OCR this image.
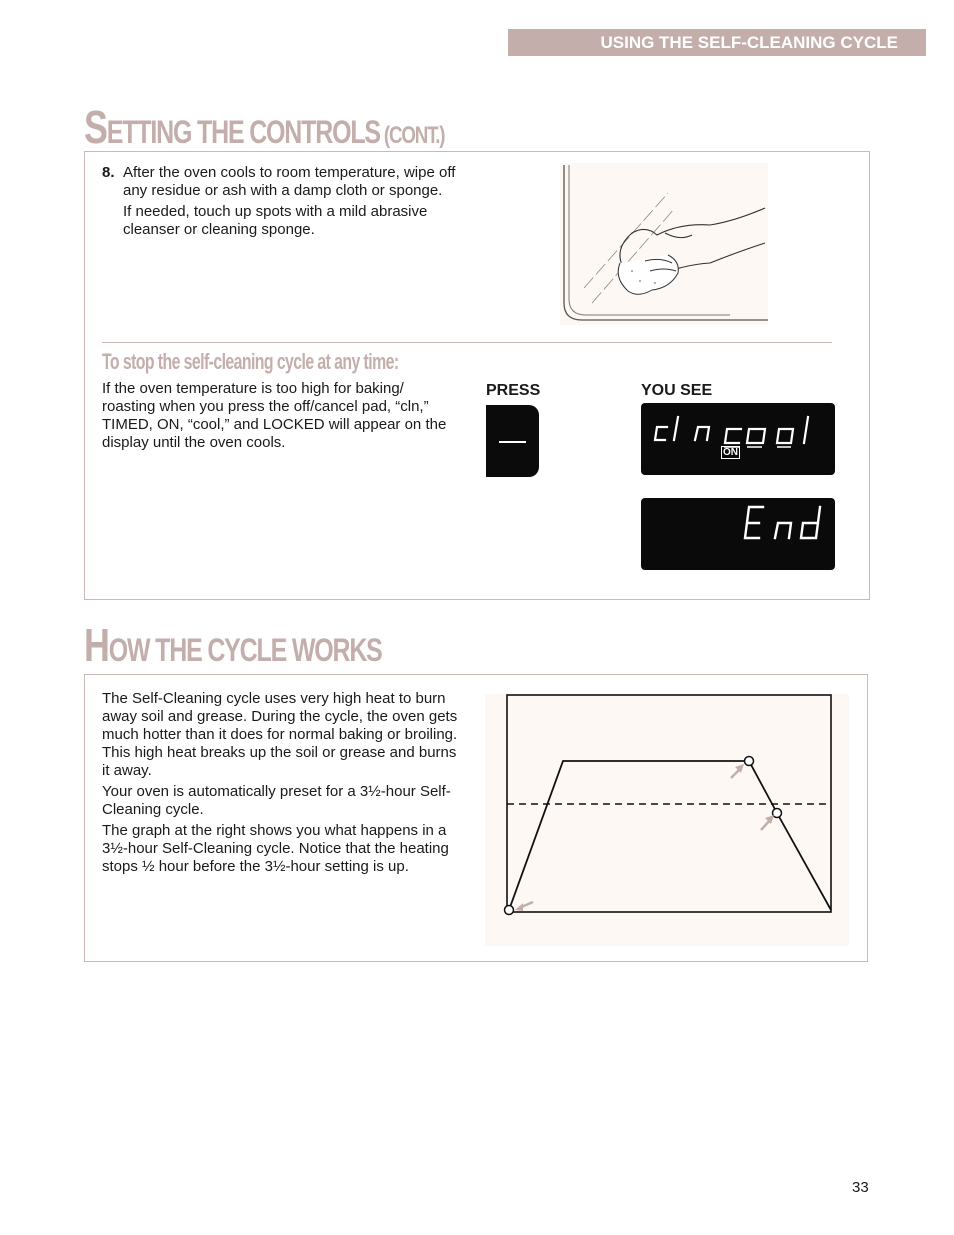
USING THE SELF-CLEANING CYCLE
SETTING THE CONTROLS (CONT.)
8. After the oven cools to room temperature, wipe off any residue or ash with a damp cloth or sponge.

If needed, touch up spots with a mild abrasive cleanser or cleaning sponge.

To stop the self-cleaning cycle at any time:
If the oven temperature is too high for baking/ roasting when you press the off/cancel pad, “cln,” TIMED, ON, “cool,” and LOCKED will appear on the display until the oven cools.
PRESS	YOU SEE
ON
HOW THE CYCLE WORKS

The Self-Cleaning cycle uses very high heat to burn away soil and grease. During the cycle, the oven gets much hotter than it does for normal baking or broiling. This high heat breaks up the soil or grease and burns it away.

Your oven is automatically preset for a 3½-hour Self-Cleaning cycle.

The graph at the right shows you what happens in a 3½-hour Self-Cleaning cycle. Notice that the heating stops ½ hour before the 3½-hour setting is up.

33
